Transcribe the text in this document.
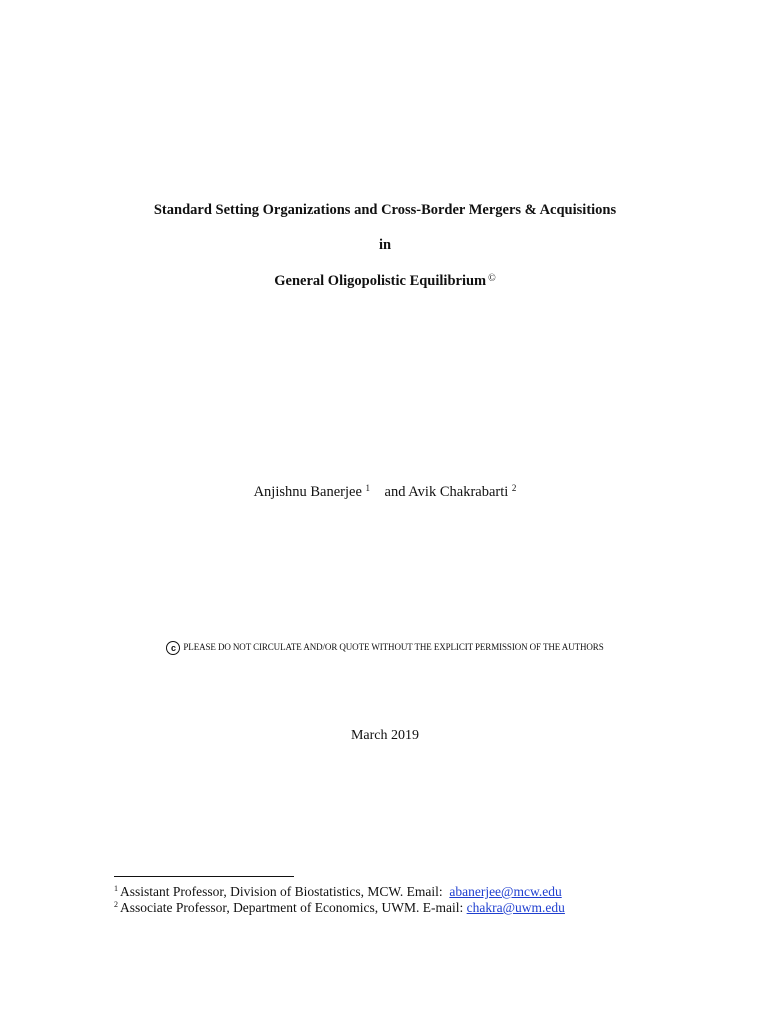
Standard Setting Organizations and Cross-Border Mergers & Acquisitions
in
General Oligopolistic Equilibrium ©
Anjishnu Banerjee $^1$ and Avik Chakrabarti $^2$
c PLEASE DO NOT CIRCULATE AND/OR QUOTE WITHOUT THE EXPLICIT PERMISSION OF THE AUTHORS
March 2019
$^1$ Assistant Professor, Division of Biostatistics, MCW. Email: abanerjee@mcw.edu
$^2$ Associate Professor, Department of Economics, UWM. E-mail: chakra@uwm.edu
